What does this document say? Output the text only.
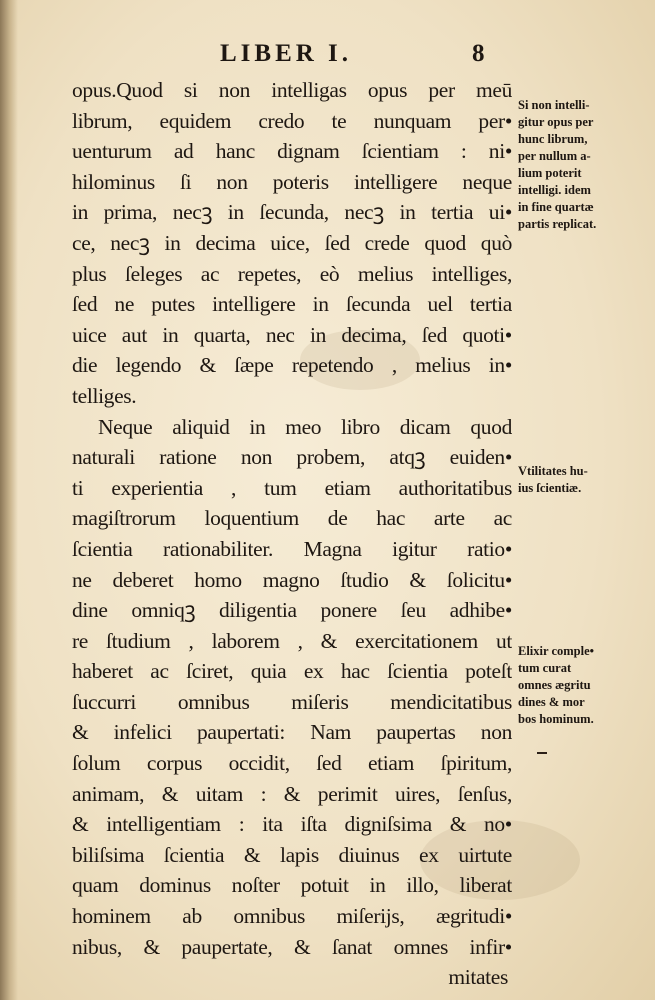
LIBER I.	8
opus.Quod si non intelligas opus per meū
librum, equidem credo te nunquam per•
uenturum ad hanc dignam ſcientiam : ni•
hilominus ſi non poteris intelligere neque
in prima, necꝫ in ſecunda, necꝫ in tertia ui•
ce, necꝫ in decima uice, ſed crede quod quò
plus ſeleges ac repetes, eò melius intelliges,
ſed ne putes intelligere in ſecunda uel tertia
uice aut in quarta, nec in decima, ſed quoti•
die legendo & ſæpe repetendo , melius in•
telliges.
Neque aliquid in meo libro dicam quod
naturali ratione non probem, atqꝫ euiden•
ti experientia , tum etiam authoritatibus
magiſtrorum loquentium de hac arte ac
ſcientia rationabiliter. Magna igitur ratio•
ne deberet homo magno ſtudio & ſolicitu•
dine omniqꝫ diligentia ponere ſeu adhibe•
re ſtudium , laborem , & exercitationem ut
haberet ac ſciret, quia ex hac ſcientia poteſt
ſuccurri omnibus miſeris mendicitatibus
& infelici paupertati: Nam paupertas non
ſolum corpus occidit, ſed etiam ſpiritum,
animam, & uitam : & perimit uires, ſenſus,
& intelligentiam : ita iſta digniſsima & no•
biliſsima ſcientia & lapis diuinus ex uirtute
quam dominus noſter potuit in illo, liberat
hominem ab omnibus miſerijs, ægritudi•
nibus, & paupertate, & ſanat omnes infir•
mitates
Si non intelli-
gitur opus per
hunc librum,
per nullum a-
lium poterit
intelligi. idem
in fine quartæ
partis replicat.
Vtilitates hu-
ius ſcientiæ.
Elixir comple•
tum curat
omnes ægritu
dines & mor
bos hominum.
